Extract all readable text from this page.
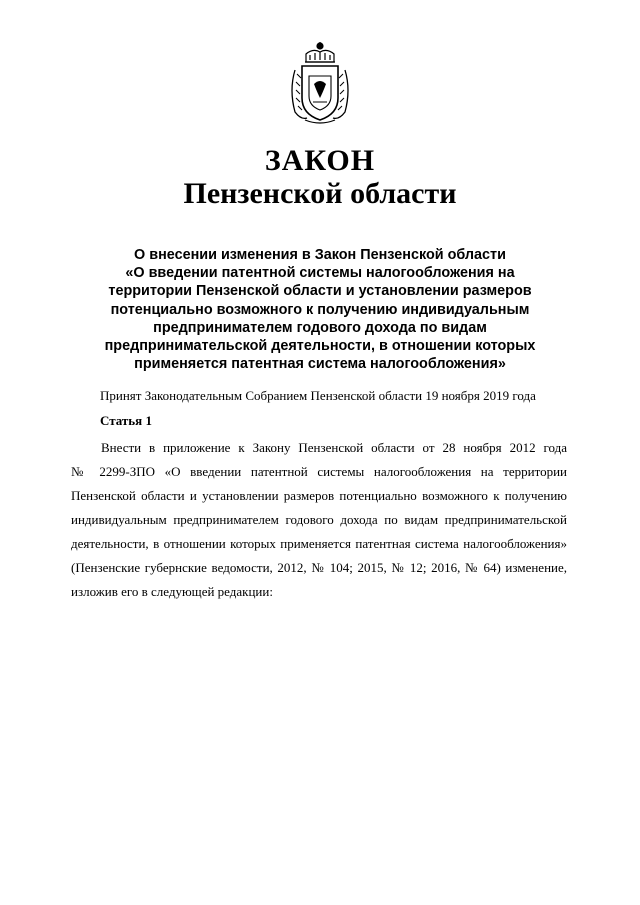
ЗАКОН
Пензенской области
О внесении изменения в Закон Пензенской области
«О введении патентной системы налогообложения на
территории Пензенской области и установлении размеров
потенциально возможного к получению индивидуальным
предпринимателем годового дохода по видам
предпринимательской деятельности, в отношении которых
применяется патентная система налогообложения»
Принят Законодательным Собранием Пензенской области 19 ноября 2019 года
Статья 1
Внести в приложение к Закону Пензенской области от 28 ноября 2012 года
№ 2299-ЗПО «О введении патентной системы налогообложения на территории
Пензенской области и установлении размеров потенциально возможного к получению
индивидуальным предпринимателем годового дохода по видам предпринимательской
деятельности, в отношении которых применяется патентная система налогообложения»
(Пензенские губернские ведомости, 2012, № 104; 2015, № 12; 2016, № 64) изменение,
изложив его в следующей редакции:
